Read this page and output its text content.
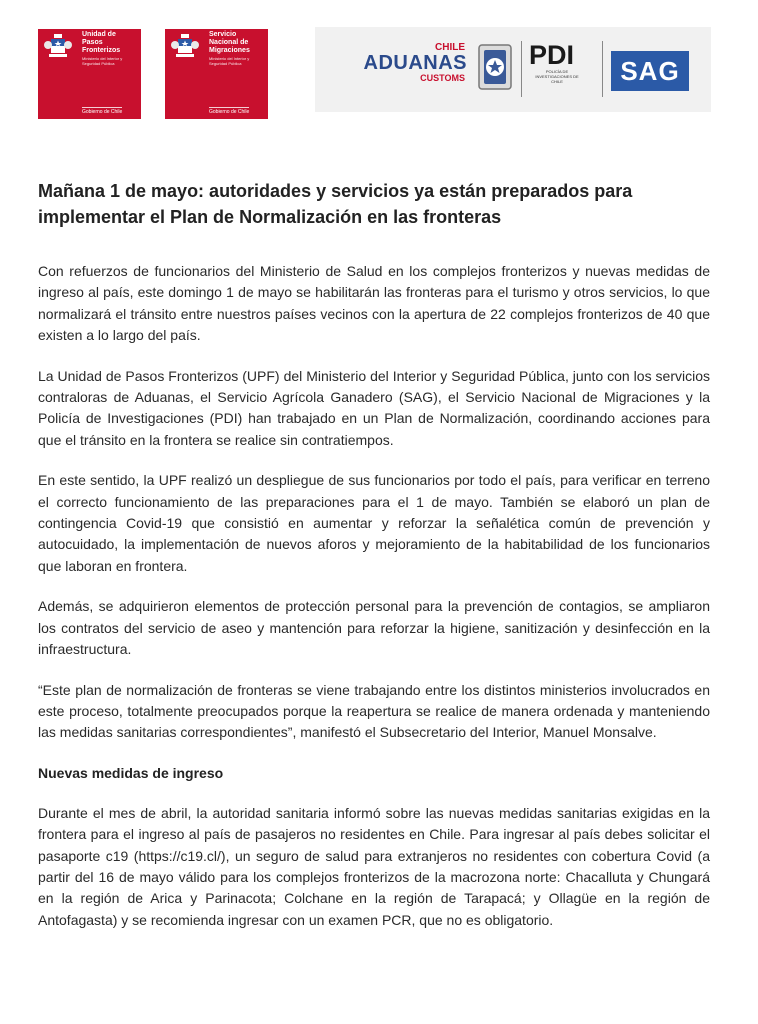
Unidad de Pasos Fronterizos
Ministerio del Interior y Seguridad Pública
Gobierno de Chile
Servicio Nacional de Migraciones
Ministerio del Interior y Seguridad Pública
Gobierno de Chile
CHILE
ADUANAS
CUSTOMS
PDI
POLICÍA DE INVESTIGACIONES DE CHILE	SAG
Mañana 1 de mayo: autoridades y servicios ya están preparados para implementar el Plan de Normalización en las fronteras

Con refuerzos de funcionarios del Ministerio de Salud en los complejos fronterizos y nuevas medidas de ingreso al país, este domingo 1 de mayo se habilitarán las fronteras para el turismo y otros servicios, lo que normalizará el tránsito entre nuestros países vecinos con la apertura de 22 complejos fronterizos de 40 que existen a lo largo del país.

La Unidad de Pasos Fronterizos (UPF) del Ministerio del Interior y Seguridad Pública, junto con los servicios contraloras de Aduanas, el Servicio Agrícola Ganadero (SAG), el Servicio Nacional de Migraciones y la Policía de Investigaciones (PDI) han trabajado en un Plan de Normalización, coordinando acciones para que el tránsito en la frontera se realice sin contratiempos.

En este sentido, la UPF realizó un despliegue de sus funcionarios por todo el país, para verificar en terreno el correcto funcionamiento de las preparaciones para el 1 de mayo. También se elaboró un plan de contingencia Covid-19 que consistió en aumentar y reforzar la señalética común de prevención y autocuidado, la implementación de nuevos aforos y mejoramiento de la habitabilidad de los funcionarios que laboran en frontera.

Además, se adquirieron elementos de protección personal para la prevención de contagios, se ampliaron los contratos del servicio de aseo y mantención para reforzar la higiene, sanitización y desinfección en la infraestructura.

“Este plan de normalización de fronteras se viene trabajando entre los distintos ministerios involucrados en este proceso, totalmente preocupados porque la reapertura se realice de manera ordenada y manteniendo las medidas sanitarias correspondientes”, manifestó el Subsecretario del Interior, Manuel Monsalve.

Nuevas medidas de ingreso

Durante el mes de abril, la autoridad sanitaria informó sobre las nuevas medidas sanitarias exigidas en la frontera para el ingreso al país de pasajeros no residentes en Chile. Para ingresar al país debes solicitar el pasaporte c19 (https://c19.cl/), un seguro de salud para extranjeros no residentes con cobertura Covid (a partir del 16 de mayo válido para los complejos fronterizos de la macrozona norte: Chacalluta y Chungará en la región de Arica y Parinacota; Colchane en la región de Tarapacá; y Ollagüe en la región de Antofagasta) y se recomienda ingresar con un examen PCR, que no es obligatorio.
